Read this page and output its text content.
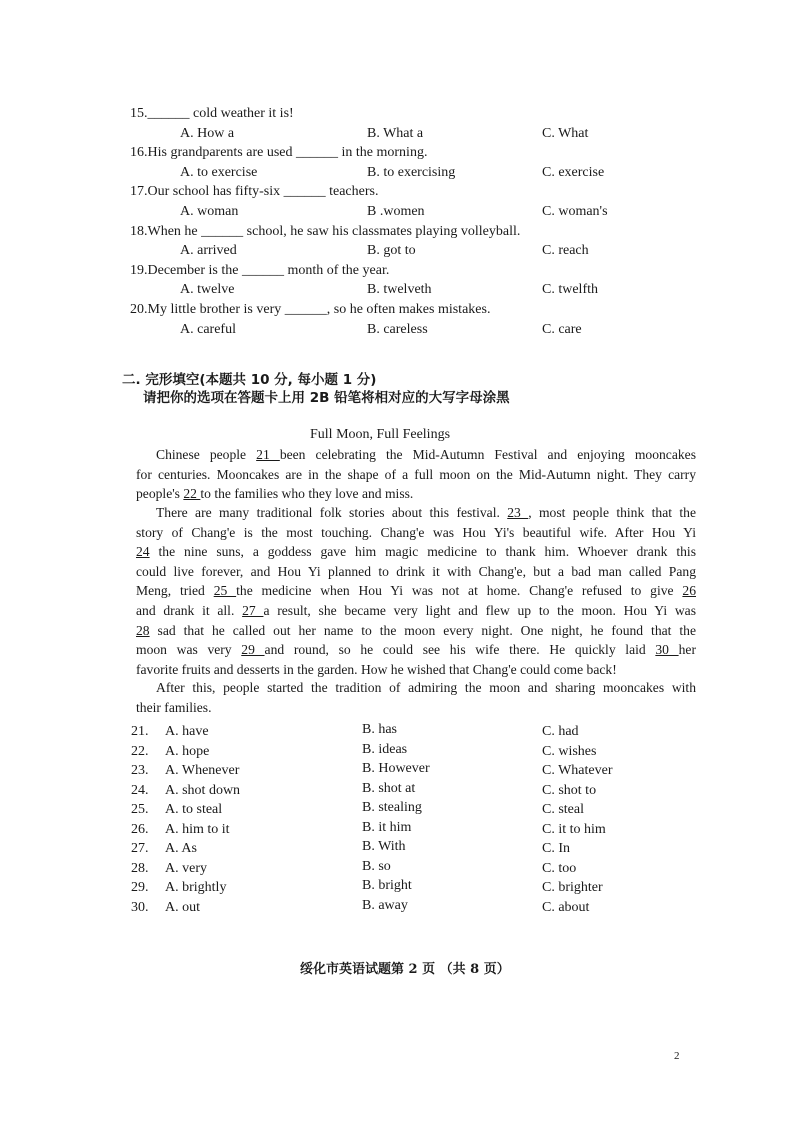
15.______ cold weather it is!
A. How a	B. What a	C. What
16.His grandparents are used ______ in the morning.
A. to exercise	B. to exercising	C. exercise
17.Our school has fifty-six ______ teachers.
A. woman	B .women	C. woman's
18.When he ______ school, he saw his classmates playing volleyball.
A. arrived	B. got to	C. reach
19.December is the ______ month of the year.
A. twelve	B. twelveth	C. twelfth
20.My little brother is very ______, so he often makes mistakes.
A. careful	B. careless	C. care
二. 完形填空(本题共 10 分, 每小题 1 分)
请把你的选项在答题卡上用 2B 铅笔将相对应的大写字母涂黑
Full Moon, Full Feelings
Chinese people 21 been celebrating the Mid-Autumn Festival and enjoying mooncakes
for centuries. Mooncakes are in the shape of a full moon on the Mid-Autumn night. They carry
people's 22 to the families who they love and miss.
There are many traditional folk stories about this festival. 23 , most people think that the
story of Chang'e is the most touching. Chang'e was Hou Yi's beautiful wife. After Hou Yi
24 the nine suns, a goddess gave him magic medicine to thank him. Whoever drank this
could live forever, and Hou Yi planned to drink it with Chang'e, but a bad man called Pang
Meng, tried 25 the medicine when Hou Yi was not at home. Chang'e refused to give 26
and drank it all. 27 a result, she became very light and flew up to the moon. Hou Yi was
28 sad that he called out her name to the moon every night. One night, he found that the
moon was very 29 and round, so he could see his wife there. He quickly laid 30 her
favorite fruits and desserts in the garden. How he wished that Chang'e could come back!
After this, people started the tradition of admiring the moon and sharing mooncakes with
their families.
21. A. have	B. has	C. had
22. A. hope	B. ideas	C. wishes
23. A. Whenever	B. However	C. Whatever
24. A. shot down	B. shot at	C. shot to
25. A. to steal	B. stealing	C. steal
26. A. him to it	B. it him	C. it to him
27. A. As	B. With	C. In
28. A. very	B. so	C. too
29. A. brightly	B. bright	C. brighter
30. A. out	B. away	C. about
绥化市英语试题第 2 页 （共 8 页）
2
